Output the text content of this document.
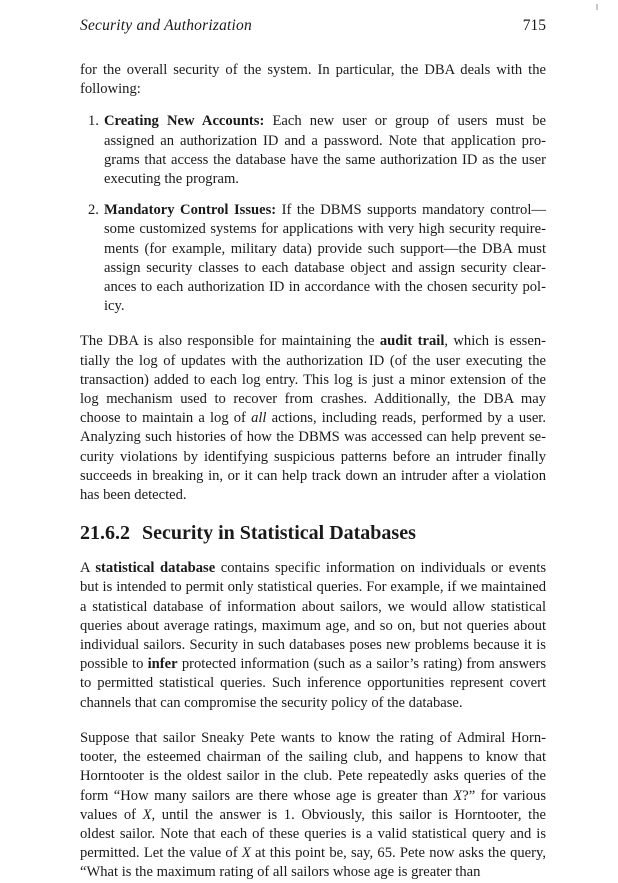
Security and Authorization	715

for the overall security of the system. In particular, the DBA deals with the following:

1. Creating New Accounts: Each new user or group of users must be assigned an authorization ID and a password. Note that application programs that access the database have the same authorization ID as the user executing the program.
2. Mandatory Control Issues: If the DBMS supports mandatory control—some customized systems for applications with very high security requirements (for example, military data) provide such support—the DBA must assign security classes to each database object and assign security clearances to each authorization ID in accordance with the chosen security policy.

The DBA is also responsible for maintaining the audit trail, which is essentially the log of updates with the authorization ID (of the user executing the transaction) added to each log entry. This log is just a minor extension of the log mechanism used to recover from crashes. Additionally, the DBA may choose to maintain a log of all actions, including reads, performed by a user. Analyzing such histories of how the DBMS was accessed can help prevent security violations by identifying suspicious patterns before an intruder finally succeeds in breaking in, or it can help track down an intruder after a violation has been detected.

21.6.2 Security in Statistical Databases

A statistical database contains specific information on individuals or events but is intended to permit only statistical queries. For example, if we maintained a statistical database of information about sailors, we would allow statistical queries about average ratings, maximum age, and so on, but not queries about individual sailors. Security in such databases poses new problems because it is possible to infer protected information (such as a sailor’s rating) from answers to permitted statistical queries. Such inference opportunities represent covert channels that can compromise the security policy of the database.

Suppose that sailor Sneaky Pete wants to know the rating of Admiral Horntooter, the esteemed chairman of the sailing club, and happens to know that Horntooter is the oldest sailor in the club. Pete repeatedly asks queries of the form “How many sailors are there whose age is greater than X?” for various values of X, until the answer is 1. Obviously, this sailor is Horntooter, the oldest sailor. Note that each of these queries is a valid statistical query and is permitted. Let the value of X at this point be, say, 65. Pete now asks the query, “What is the maximum rating of all sailors whose age is greater than
